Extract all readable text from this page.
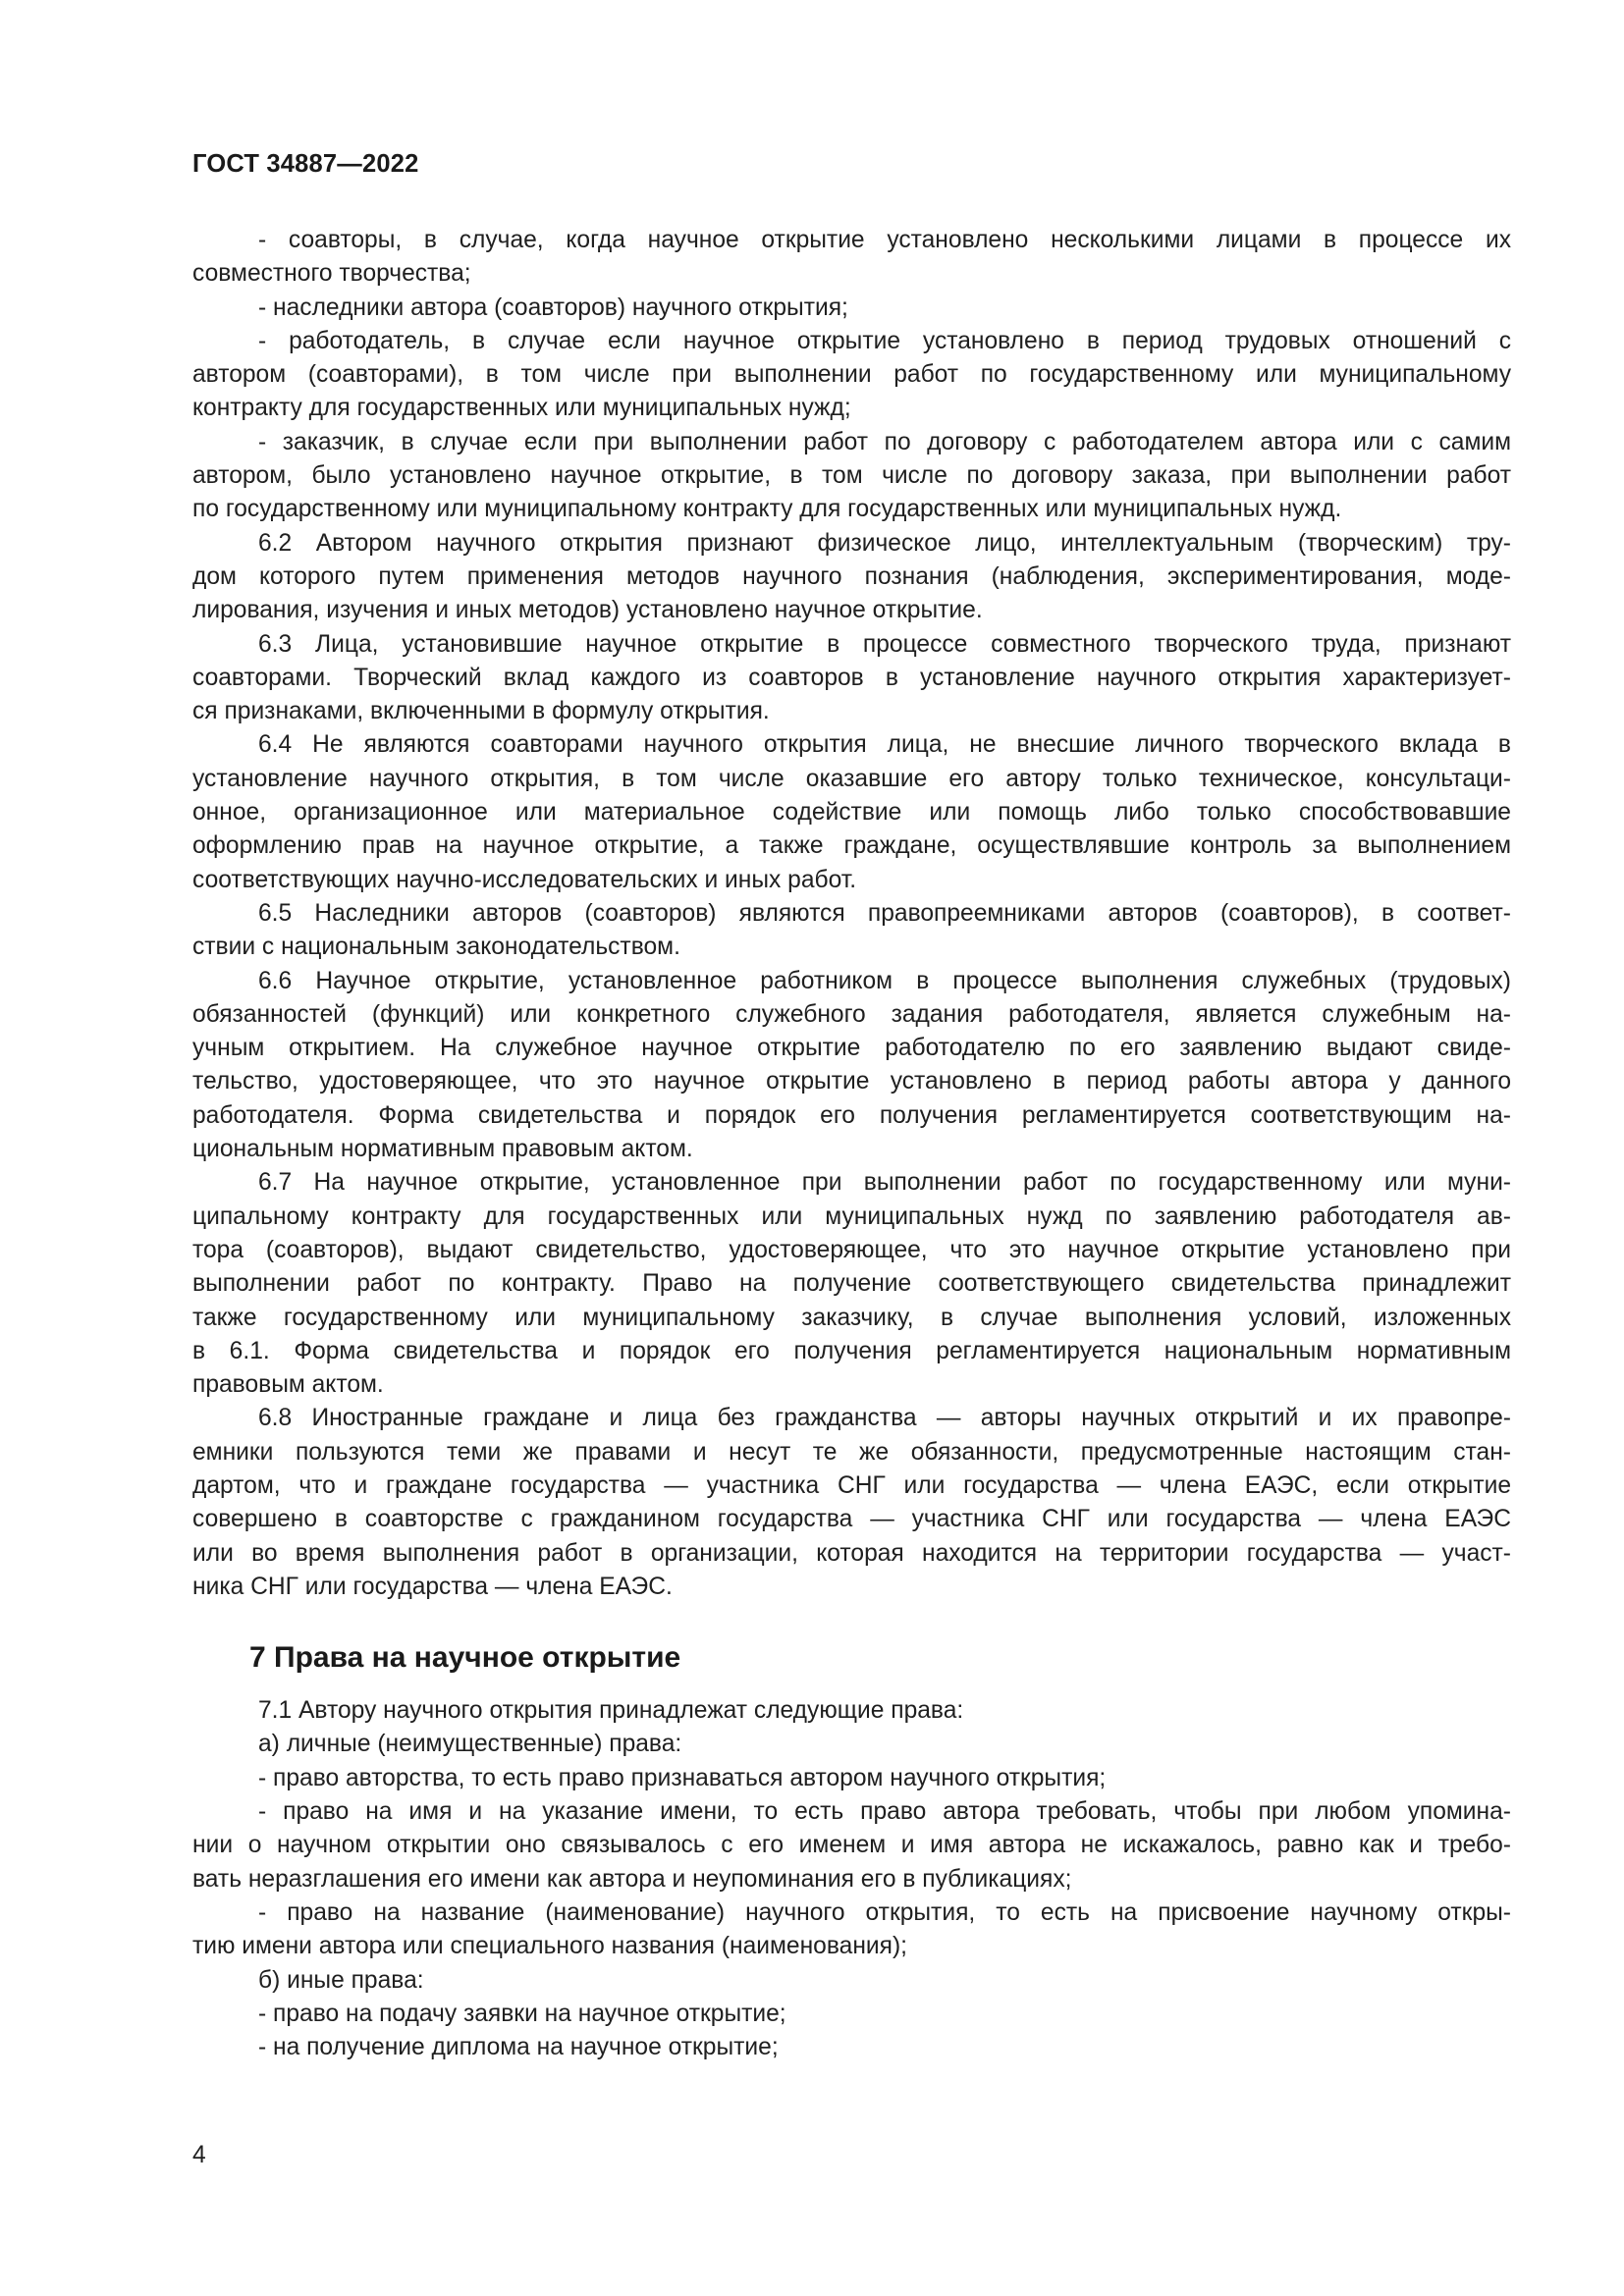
ГОСТ 34887—2022
- соавторы, в случае, когда научное открытие установлено несколькими лицами в процессе их
совместного творчества;
- наследники автора (соавторов) научного открытия;
- работодатель, в случае если научное открытие установлено в период трудовых отношений с
автором (соавторами), в том числе при выполнении работ по государственному или муниципальному
контракту для государственных или муниципальных нужд;
- заказчик, в случае если при выполнении работ по договору с работодателем автора или с самим
автором, было установлено научное открытие, в том числе по договору заказа, при выполнении работ
по государственному или муниципальному контракту для государственных или муниципальных нужд.
6.2 Автором научного открытия признают физическое лицо, интеллектуальным (творческим) тру-
дом которого путем применения методов научного познания (наблюдения, экспериментирования, моде-
лирования, изучения и иных методов) установлено научное открытие.
6.3 Лица, установившие научное открытие в процессе совместного творческого труда, признают
соавторами. Творческий вклад каждого из соавторов в установление научного открытия характеризует-
ся признаками, включенными в формулу открытия.
6.4 Не являются соавторами научного открытия лица, не внесшие личного творческого вклада в
установление научного открытия, в том числе оказавшие его автору только техническое, консультаци-
онное, организационное или материальное содействие или помощь либо только способствовавшие
оформлению прав на научное открытие, а также граждане, осуществлявшие контроль за выполнением
соответствующих научно-исследовательских и иных работ.
6.5 Наследники авторов (соавторов) являются правопреемниками авторов (соавторов), в соответ-
ствии с национальным законодательством.
6.6 Научное открытие, установленное работником в процессе выполнения служебных (трудовых)
обязанностей (функций) или конкретного служебного задания работодателя, является служебным на-
учным открытием. На служебное научное открытие работодателю по его заявлению выдают свиде-
тельство, удостоверяющее, что это научное открытие установлено в период работы автора у данного
работодателя. Форма свидетельства и порядок его получения регламентируется соответствующим на-
циональным нормативным правовым актом.
6.7 На научное открытие, установленное при выполнении работ по государственному или муни-
ципальному контракту для государственных или муниципальных нужд по заявлению работодателя ав-
тора (соавторов), выдают свидетельство, удостоверяющее, что это научное открытие установлено при
выполнении работ по контракту. Право на получение соответствующего свидетельства принадлежит
также государственному или муниципальному заказчику, в случае выполнения условий, изложенных
в 6.1. Форма свидетельства и порядок его получения регламентируется национальным нормативным
правовым актом.
6.8 Иностранные граждане и лица без гражданства — авторы научных открытий и их правопре-
емники пользуются теми же правами и несут те же обязанности, предусмотренные настоящим стан-
дартом, что и граждане государства — участника СНГ или государства — члена ЕАЭС, если открытие
совершено в соавторстве с гражданином государства — участника СНГ или государства — члена ЕАЭС
или во время выполнения работ в организации, которая находится на территории государства — участ-
ника СНГ или государства — члена ЕАЭС.
7 Права на научное открытие
7.1 Автору научного открытия принадлежат следующие права:
а) личные (неимущественные) права:
- право авторства, то есть право признаваться автором научного открытия;
- право на имя и на указание имени, то есть право автора требовать, чтобы при любом упомина-
нии о научном открытии оно связывалось с его именем и имя автора не искажалось, равно как и требо-
вать неразглашения его имени как автора и неупоминания его в публикациях;
- право на название (наименование) научного открытия, то есть на присвоение научному откры-
тию имени автора или специального названия (наименования);
б) иные права:
- право на подачу заявки на научное открытие;
- на получение диплома на научное открытие;
4
